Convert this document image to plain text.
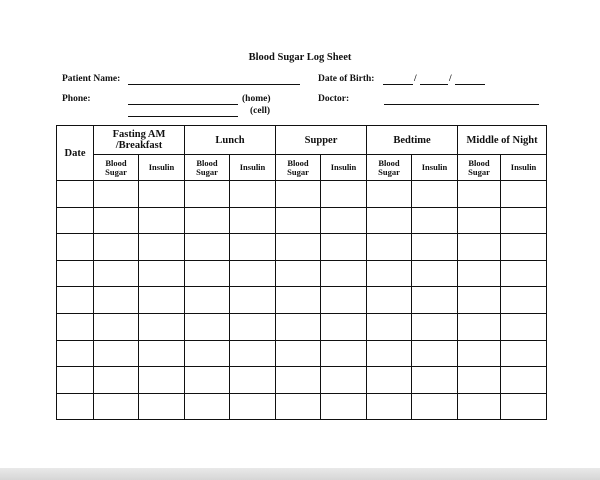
Blood Sugar Log Sheet
Patient Name:	Date of Birth:	/	/
Phone:	(home)	Doctor:
(cell)
Date	Fasting AM /Breakfast		Lunch		Supper		Bedtime		Middle of Night	
	Blood Sugar	Insulin	Blood Sugar	Insulin	Blood Sugar	Insulin	Blood Sugar	Insulin	Blood Sugar	Insulin
